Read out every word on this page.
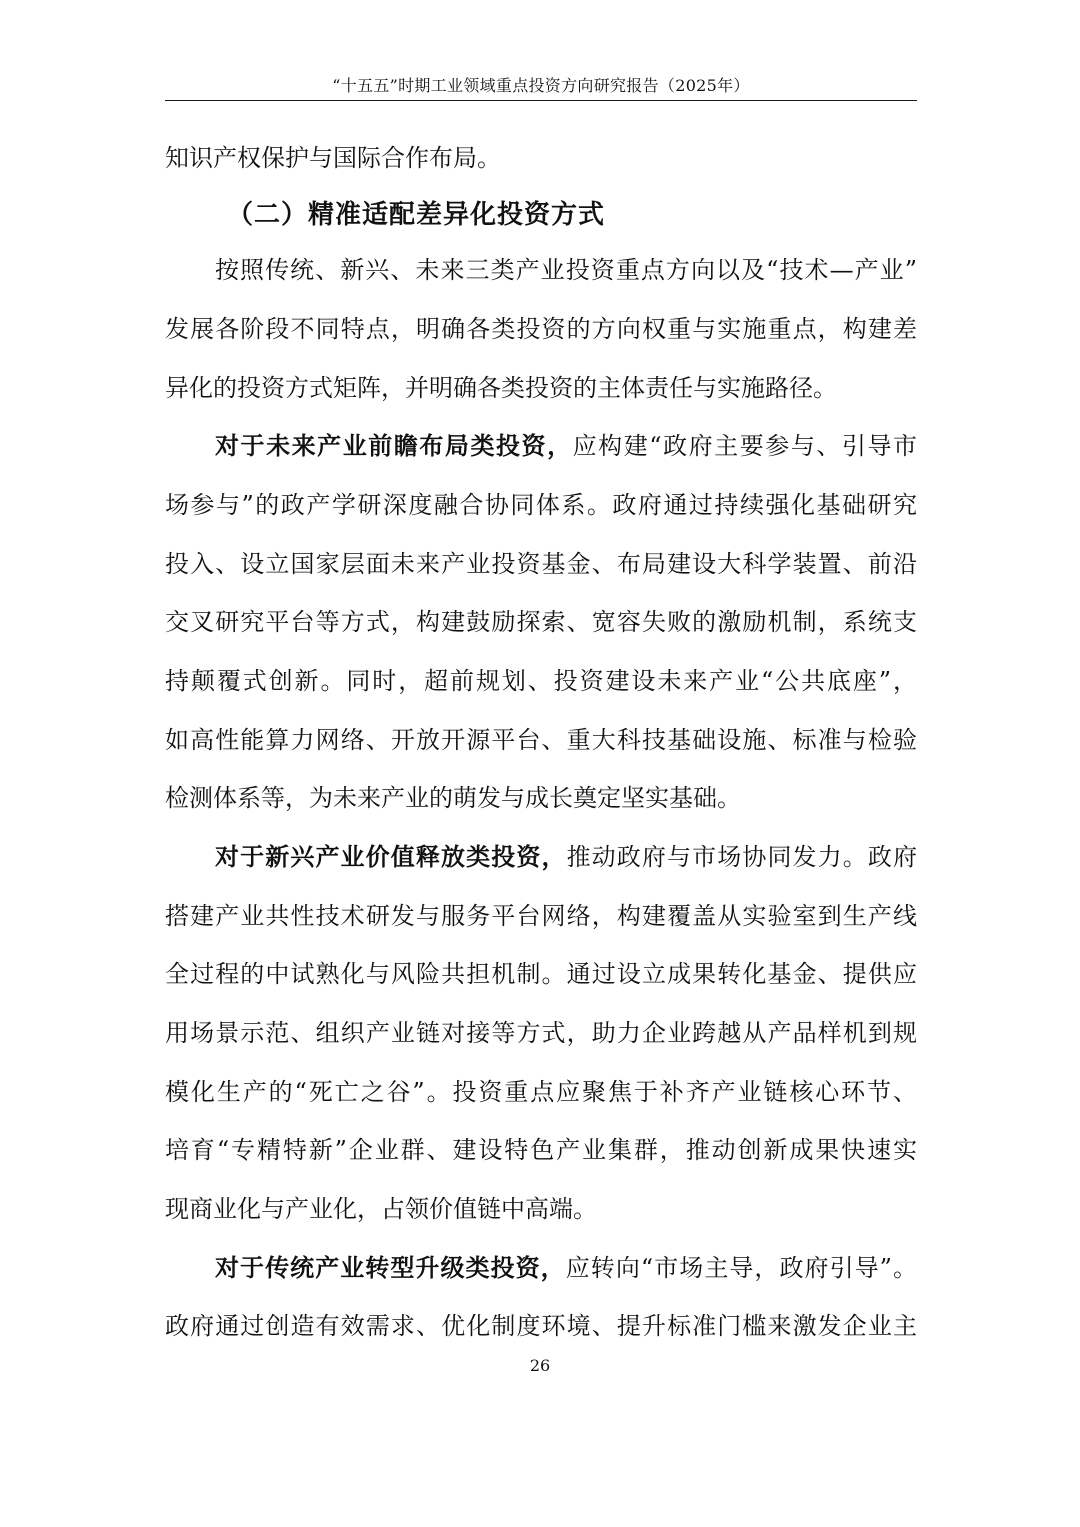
“十五五”时期工业领域重点投资方向研究报告（2025年）
知识产权保护与国际合作布局。
（二）精准适配差异化投资方式
按照传统、新兴、未来三类产业投资重点方向以及“技术—产业”
发展各阶段不同特点，明确各类投资的方向权重与实施重点，构建差
异化的投资方式矩阵，并明确各类投资的主体责任与实施路径。
对于未来产业前瞻布局类投资，应构建“政府主要参与、引导市
场参与”的政产学研深度融合协同体系。政府通过持续强化基础研究
投入、设立国家层面未来产业投资基金、布局建设大科学装置、前沿
交叉研究平台等方式，构建鼓励探索、宽容失败的激励机制，系统支
持颠覆式创新。同时，超前规划、投资建设未来产业“公共底座”，
如高性能算力网络、开放开源平台、重大科技基础设施、标准与检验
检测体系等，为未来产业的萌发与成长奠定坚实基础。
对于新兴产业价值释放类投资，推动政府与市场协同发力。政府
搭建产业共性技术研发与服务平台网络，构建覆盖从实验室到生产线
全过程的中试熟化与风险共担机制。通过设立成果转化基金、提供应
用场景示范、组织产业链对接等方式，助力企业跨越从产品样机到规
模化生产的“死亡之谷”。投资重点应聚焦于补齐产业链核心环节、
培育“专精特新”企业群、建设特色产业集群，推动创新成果快速实
现商业化与产业化，占领价值链中高端。
对于传统产业转型升级类投资，应转向“市场主导，政府引导”。
政府通过创造有效需求、优化制度环境、提升标准门槛来激发企业主
26
